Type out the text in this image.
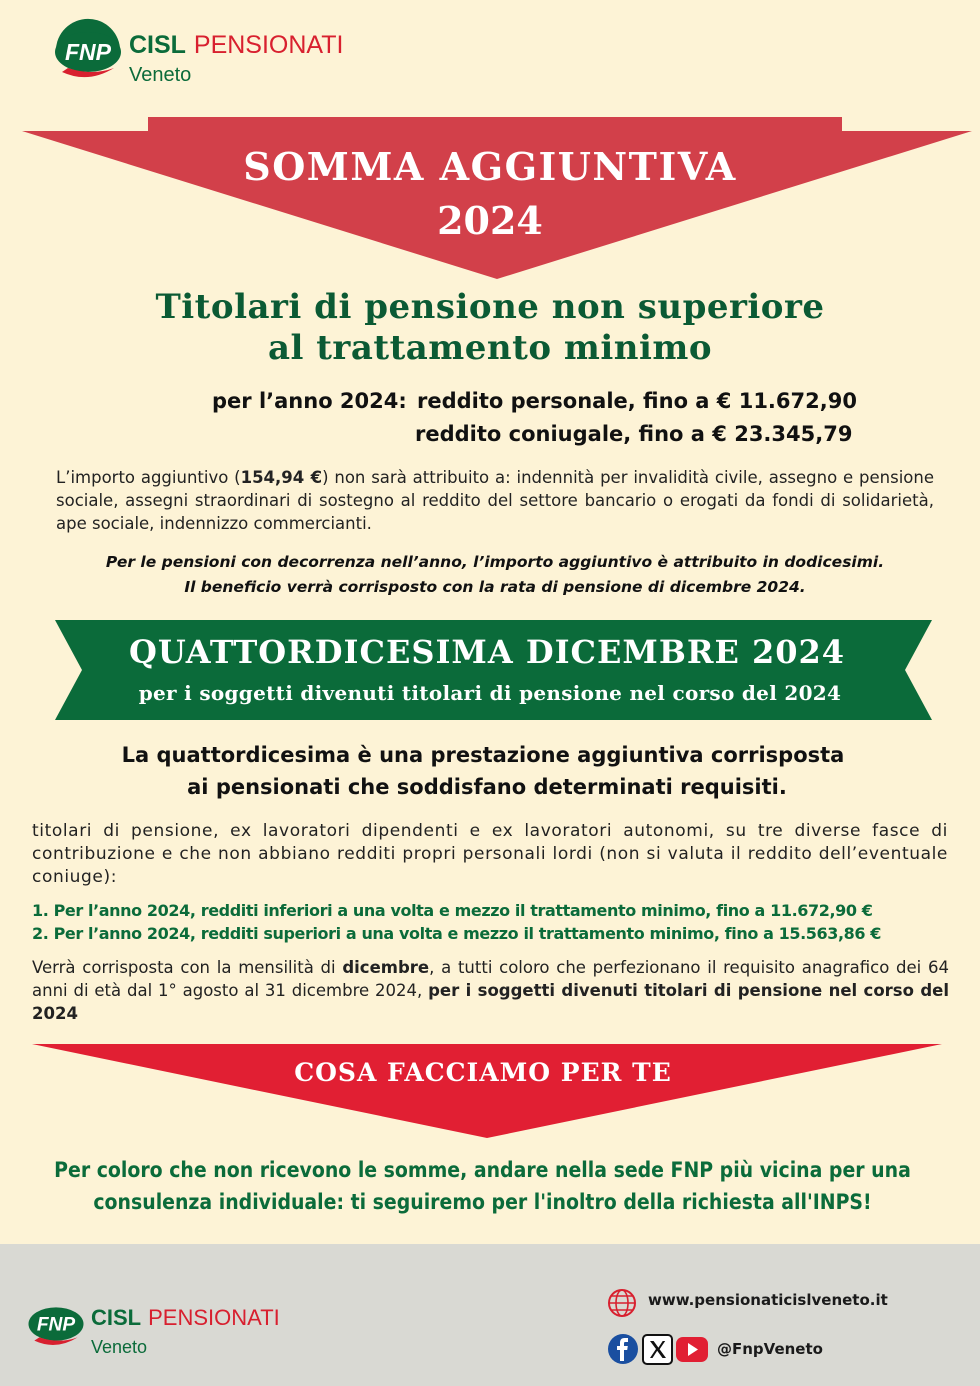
FNP CISL PENSIONATI
Veneto
SOMMA AGGIUNTIVA
2024
Titolari di pensione non superiore
al trattamento minimo
per l’anno 2024: reddito personale, fino a € 11.672,90
reddito coniugale, fino a € 23.345,79
L’importo aggiuntivo (154,94 €) non sarà attribuito a: indennità per invalidità civile, assegno e pensione sociale, assegni straordinari di sostegno al reddito del settore bancario o erogati da fondi di solidarietà, ape sociale, indennizzo commercianti.
Per le pensioni con decorrenza nell’anno, l’importo aggiuntivo è attribuito in dodicesimi.
Il beneficio verrà corrisposto con la rata di pensione di dicembre 2024.
QUATTORDICESIMA DICEMBRE 2024
per i soggetti divenuti titolari di pensione nel corso del 2024
La quattordicesima è una prestazione aggiuntiva corrisposta
ai pensionati che soddisfano determinati requisiti.
titolari di pensione, ex lavoratori dipendenti e ex lavoratori autonomi, su tre diverse fasce di contribuzione e che non abbiano redditi propri personali lordi (non si valuta il reddito dell’eventuale coniuge):
1. Per l’anno 2024, redditi inferiori a una volta e mezzo il trattamento minimo, fino a 11.672,90 €
2. Per l’anno 2024, redditi superiori a una volta e mezzo il trattamento minimo, fino a 15.563,86 €
Verrà corrisposta con la mensilità di dicembre, a tutti coloro che perfezionano il requisito anagrafico dei 64 anni di età dal 1° agosto al 31 dicembre 2024, per i soggetti divenuti titolari di pensione nel corso del 2024
COSA FACCIAMO PER TE
Per coloro che non ricevono le somme, andare nella sede FNP più vicina per una
consulenza individuale: ti seguiremo per l'inoltro della richiesta all'INPS!
FNP CISL PENSIONATI
Veneto
www.pensionaticislveneto.it
@FnpVeneto
